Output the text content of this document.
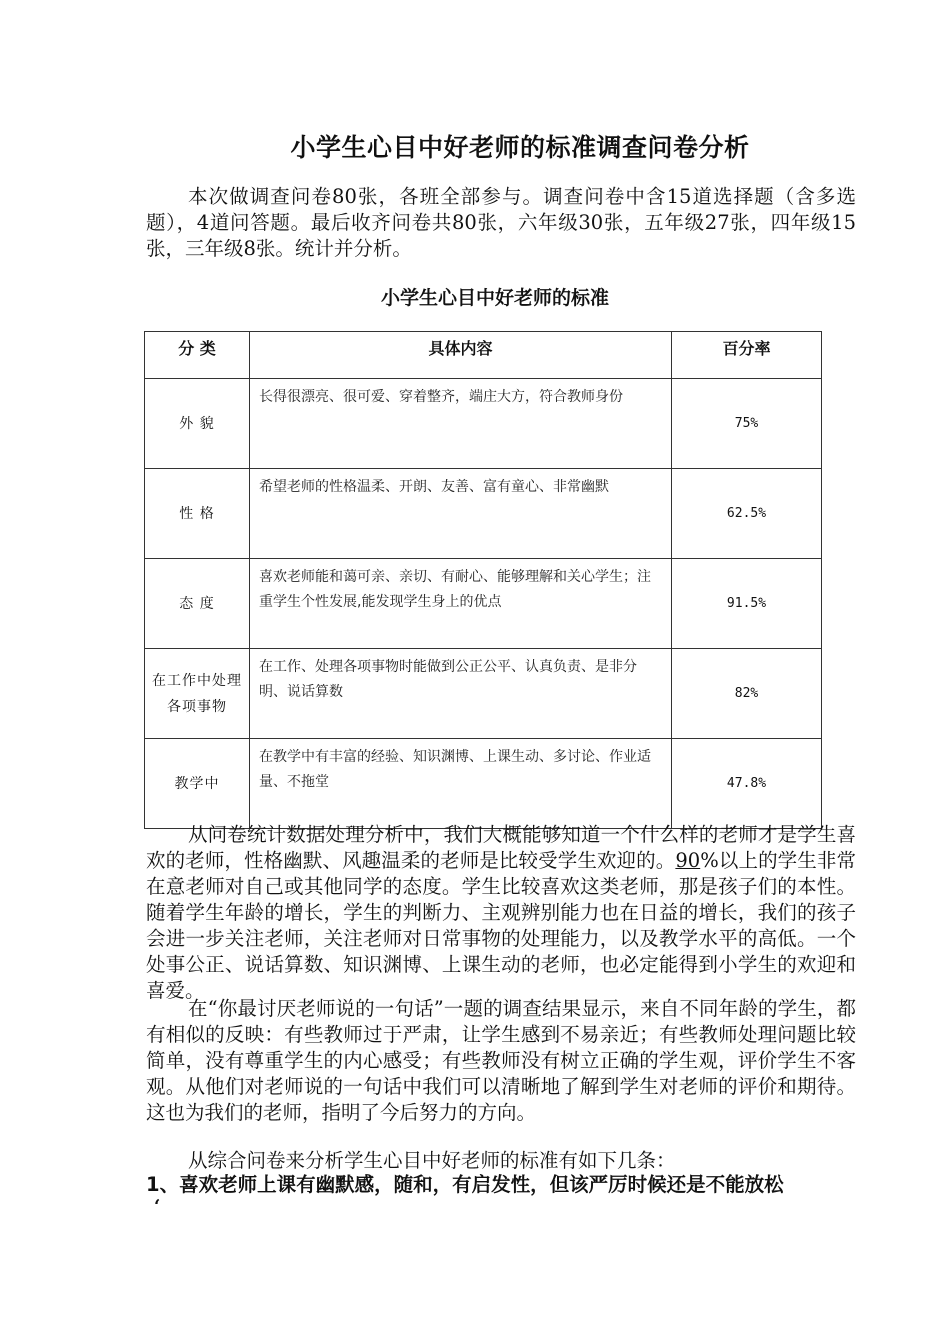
小学生心目中好老师的标准调查问卷分析

本次做调查问卷80张，各班全部参与。调查问卷中含15道选择题（含多选题），4道问答题。最后收齐问卷共80张，六年级30张，五年级27张，四年级15张，三年级8张。统计并分析。

小学生心目中好老师的标准
分 类	具体内容	百分率
外 貌	长得很漂亮、很可爱、穿着整齐，端庄大方，符合教师身份	75%
性 格	希望老师的性格温柔、开朗、友善、富有童心、非常幽默	62.5%
态 度	喜欢老师能和蔼可亲、亲切、有耐心、能够理解和关心学生；注重学生个性发展,能发现学生身上的优点	91.5%
在工作中处理各项事物	在工作、处理各项事物时能做到公正公平、认真负责、是非分明、说话算数	82%
教学中	在教学中有丰富的经验、知识渊博、上课生动、多讨论、作业适量、不拖堂	47.8%

从问卷统计数据处理分析中，我们大概能够知道一个什么样的老师才是学生喜欢的老师，性格幽默、风趣温柔的老师是比较受学生欢迎的。90%以上的学生非常在意老师对自己或其他同学的态度。学生比较喜欢这类老师，那是孩子们的本性。随着学生年龄的增长，学生的判断力、主观辨别能力也在日益的增长，我们的孩子会进一步关注老师，关注老师对日常事物的处理能力，以及教学水平的高低。一个处事公正、说话算数、知识渊博、上课生动的老师，也必定能得到小学生的欢迎和喜爱。

在“你最讨厌老师说的一句话”一题的调查结果显示，来自不同年龄的学生，都有相似的反映：有些教师过于严肃，让学生感到不易亲近；有些教师处理问题比较简单，没有尊重学生的内心感受；有些教师没有树立正确的学生观，评价学生不客观。从他们对老师说的一句话中我们可以清晰地了解到学生对老师的评价和期待。这也为我们的老师，指明了今后努力的方向。

从综合问卷来分析学生心目中好老师的标准有如下几条：

1、喜欢老师上课有幽默感，随和，有启发性，但该严厉时候还是不能放松

‘
